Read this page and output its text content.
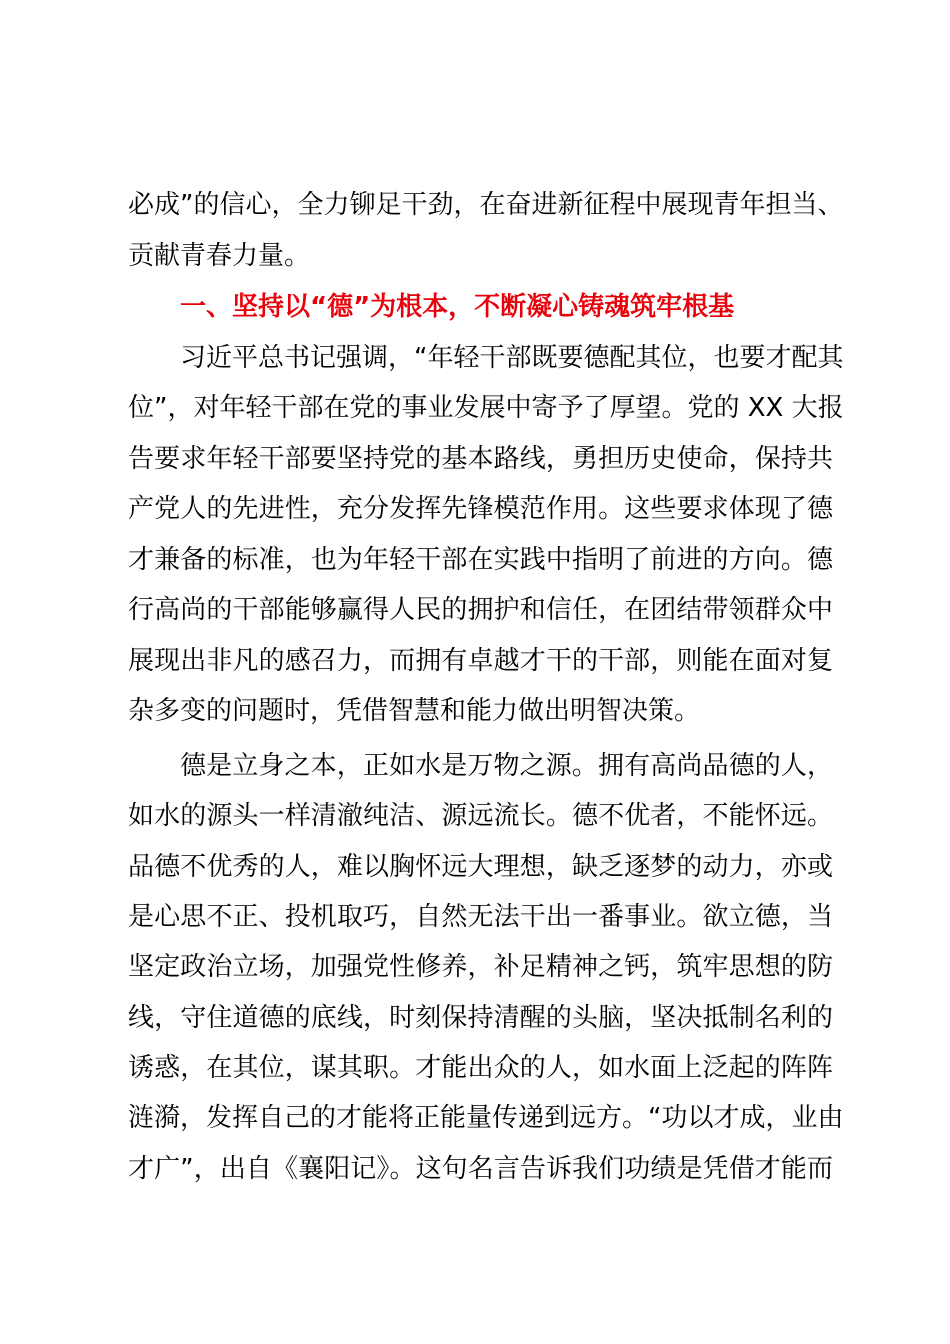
必成”的信心，全力铆足干劲，在奋进新征程中展现青年担当、
贡献青春力量。
一、坚持以“德”为根本，不断凝心铸魂筑牢根基
习近平总书记强调，“年轻干部既要德配其位，也要才配其
位”，对年轻干部在党的事业发展中寄予了厚望。党的 XX 大报
告要求年轻干部要坚持党的基本路线，勇担历史使命，保持共
产党人的先进性，充分发挥先锋模范作用。这些要求体现了德
才兼备的标准，也为年轻干部在实践中指明了前进的方向。德
行高尚的干部能够赢得人民的拥护和信任，在团结带领群众中
展现出非凡的感召力，而拥有卓越才干的干部，则能在面对复
杂多变的问题时，凭借智慧和能力做出明智决策。
德是立身之本，正如水是万物之源。拥有高尚品德的人，
如水的源头一样清澈纯洁、源远流长。德不优者，不能怀远。
品德不优秀的人，难以胸怀远大理想，缺乏逐梦的动力，亦或
是心思不正、投机取巧，自然无法干出一番事业。欲立德，当
坚定政治立场，加强党性修养，补足精神之钙，筑牢思想的防
线，守住道德的底线，时刻保持清醒的头脑，坚决抵制名利的
诱惑，在其位，谋其职。才能出众的人，如水面上泛起的阵阵
涟漪，发挥自己的才能将正能量传递到远方。“功以才成，业由
才广”，出自《襄阳记》。这句名言告诉我们功绩是凭借才能而
